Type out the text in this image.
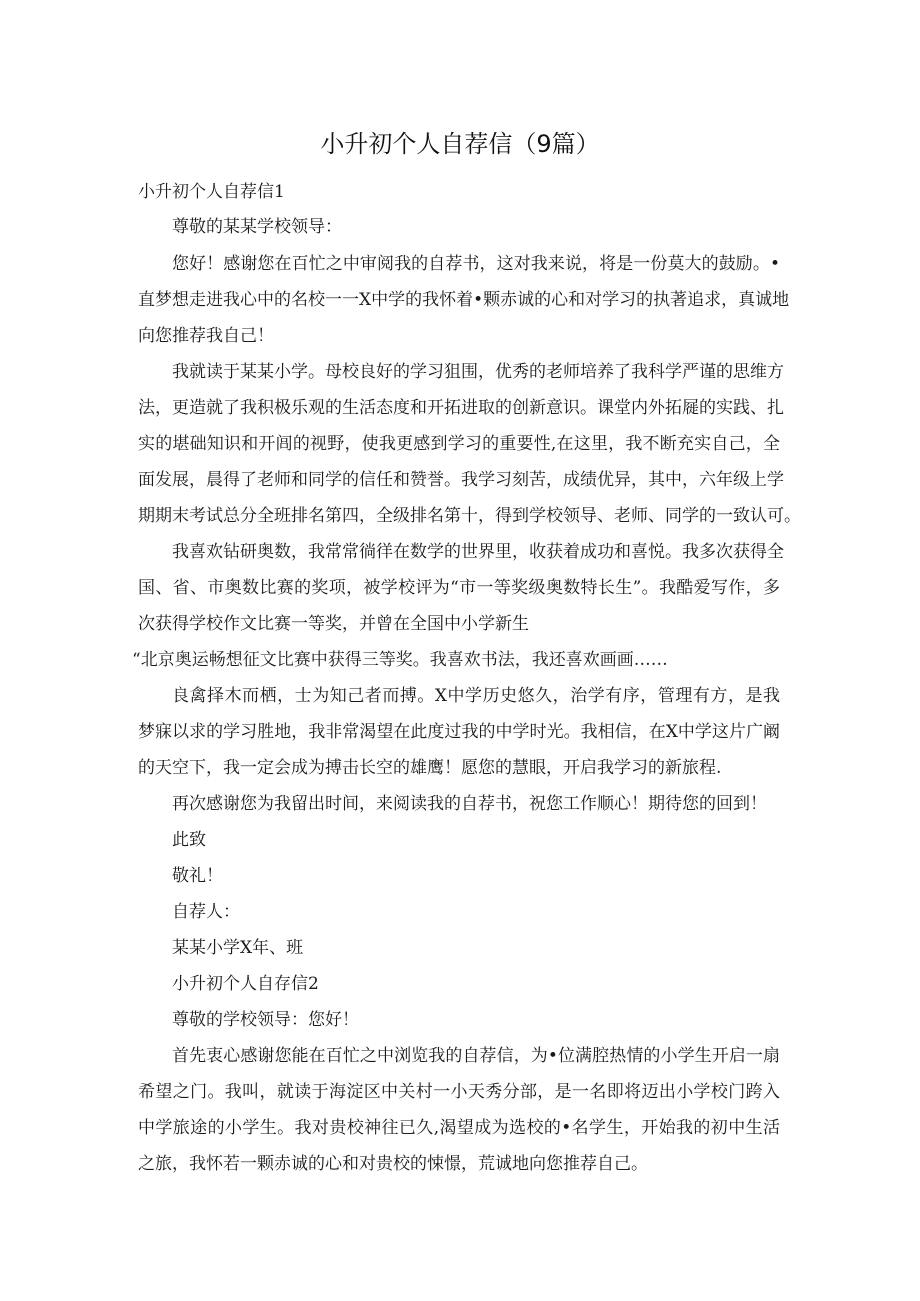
小升初个人自荐信（9篇）
小升初个人自荐信1
尊敬的某某学校领导：
您好！感谢您在百忙之中审阅我的自荐书，这对我来说，将是一份莫大的鼓励。•
直梦想走进我心中的名校一一X中学的我怀着•颗赤诚的心和对学习的执著追求，真诚地
向您推荐我自己！
我就读于某某小学。母校良好的学习狙围，优秀的老师培养了我科学严谨的思维方
法，更造就了我积极乐观的生活态度和开拓进取的创新意识。课堂内外拓屣的实践、扎
实的堪础知识和开闾的视野，使我更感到学习的重要性,在这里，我不断充实自己，全
面发展，晨得了老师和同学的信任和赞誉。我学习刻苦，成绩优异，其中，六年级上学
期期末考试总分全班排名第四，全级排名第十，得到学校领导、老师、同学的一致认可。
我喜欢钻研奥数，我常常徜徉在数学的世界里，收获着成功和喜悦。我多次获得全
国、省、市奥数比赛的奖项，被学校评为“市一等奖级奥数特长生”。我酷爱写作，多
次获得学校作文比赛一等奖，并曾在全国中小学新生
“北京奥运畅想征文比赛中获得三等奖。我喜欢书法，我还喜欢画画……
良禽择木而栖，士为知己者而搏。X中学历史悠久，治学有序，管理有方，是我
梦寐以求的学习胜地，我非常渴望在此度过我的中学时光。我相信，在X中学这片广阚
的天空下，我一定会成为搏击长空的雄鹰！愿您的慧眼，开启我学习的新旅程.
再次感谢您为我留出时间，来阅读我的自荐书，祝您工作顺心！期待您的回到！
此致
敬礼！
自荐人：
某某小学X年、班
小升初个人自存信2
尊敬的学校领导：您好！
首先衷心感谢您能在百忙之中浏览我的自荐信，为•位满腔热情的小学生开启一扇
希望之门。我叫，就读于海淀区中关村一小天秀分部，是一名即将迈出小学校门跨入
中学旅途的小学生。我对贵校神往已久,渴望成为选校的•名学生，开始我的初中生活
之旅，我怀若一颗赤诚的心和对贵校的悚憬，荒诚地向您推荐自己。
